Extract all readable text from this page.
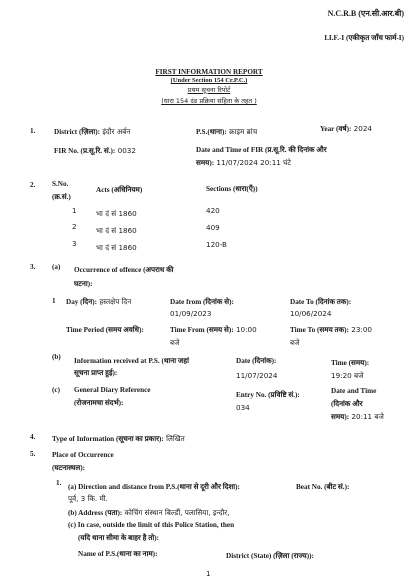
N.C.R.B (एन.सी.आर.बी)
I.I.F.-I (एकीकृत जाँच फार्म-I)
FIRST INFORMATION REPORT
(Under Section 154 Cr.P.C.)
प्रथम सूचना रिपोर्ट
(धारा 154 दंड प्रक्रिया संहिता के तहत )
1.	District (ज़िला): इंदौर अर्बन	P.S.(थाना): क्राइम ब्रांच	Year (वर्ष): 2024
FIR No. (प्र.सू.रि. सं.): 0032	Date and Time of FIR (प्र.सू.रि. की दिनांक और
समय): 11/07/2024 20:11 घंटे
2. S.No.
(क्र.सं.)
Acts (अधिनियम)	Sections (धारा(एँ))
1	भा दं सं 1860	420
2	भा दं सं 1860	409
3	भा दं सं 1860	120-B
3. (a) Occurrence of offence (अपराध की
घटना):
1 Day (दिन): हस्तक्षेप दिन	Date from (दिनांक से):
01/09/2023
Date To (दिनांक तक):
10/06/2024
Time Period (समय अवधि):	Time From (समय से): 10:00
बजे
Time To (समय तक): 23:00
बजे
(b) Information received at P.S. (थाना जहां
सूचना प्राप्त हुई):
Date (दिनांक):
11/07/2024
Time (समय):
19:20 बजे
(c) General Diary Reference
(रोजनामचा संदर्भ):
Entry No. (प्रविष्टि सं.):
034
Date and Time
(दिनांक और
समय): 20:11 बजे
4. Type of Information (सूचना का प्रकार): लिखित
5. Place of Occurrence
(घटनास्थल):
1. (a) Direction and distance from P.S.(थाना से दूरी और दिशा):	Beat No. (बीट सं.):
पूर्व, 3 कि. मी.
(b) Address (पता): कोचिंग संस्थान बिल्डीं, पलासिया, इन्दौर,
(c) In case, outside the limit of this Police Station, then
(यदि थाना सीमा के बाहर है तो):
Name of P.S.(थाना का नाम):	District (State) (ज़िला (राज्य)):
1
